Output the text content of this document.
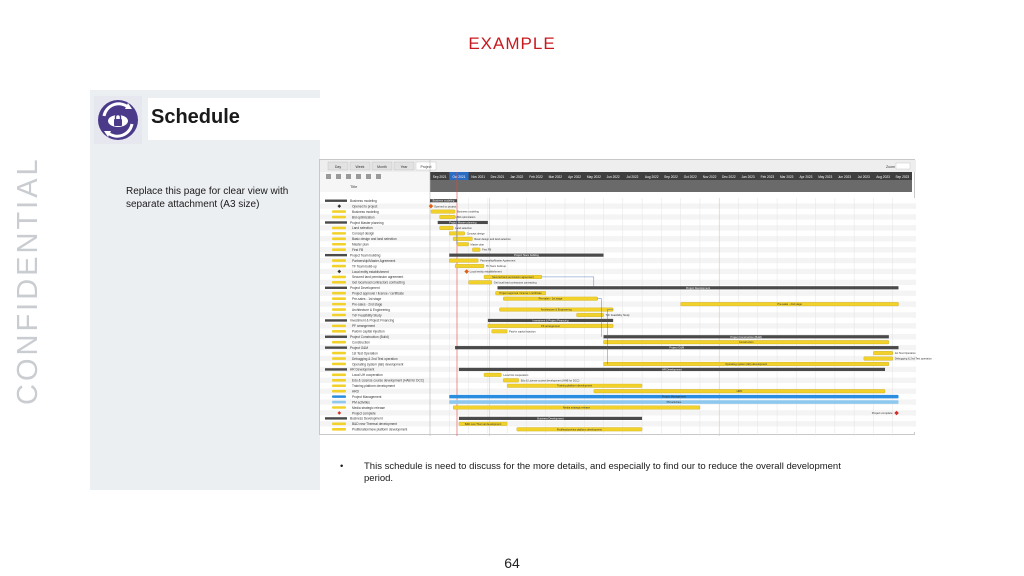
EXAMPLE
CONFIDENTIAL
Schedule
Replace this page for clear view with separate attachment (A3 size)
Day	Week	Month	Year	Project	Zoom
Title
Sep 2021 Oct 2021 Nov 2021 Dec 2021 Jan 2022 Feb 2022 Mar 2022 Apr 2022 May 2022 Jun 2022 Jul 2022 Aug 2022 Sep 2022 Oct 2022 Nov 2022 Dec 2022 Jan 2023 Feb 2023 Mar 2023 Apr 2023 May 2023 Jun 2023 Jul 2023 Aug 2023 Sep 2023
Business modeling	Business modeling
Opened to project	Opened to project
Business modeling	Business modeling
Bid optimization	Bid optimization
Project Master planning	Project Master planning
Land selection	Land selection
Concept design	Concept design
Basic design and land selection	Basic design and land selection
Master plan	Master plan
First FB	First FB
Project Team building	Project Team building
Partnership/Master Agreement	Partnership/Master Agreement
TF Team build-up	TF Team build-up
Local entity establishment	Local entity establishment
Secured land permission agreement	Secured land permission agreement
Get local lead contractors contracting	Get local lead contractors contracting
Project Development	Project Development
Project approval / license / certificate	Project approval / license / certificate
Pre-sales - 1st stage	Pre-sales - 1st stage
Pre-sales - 2nd stage	Pre-sales - 2nd stage
Architecture & Engineering	Architecture & Engineering
TxF Feasibility Study	TxF Feasibility Study
Investment & Project Financing	Investment & Project Financing
PF arrangement	PF arrangement
Paid-in capital injection	Paid-in capital injection
Project Construction (Build)	Project Construction (Build)
Construction	Construction
Project O&M	Project O&M
1st Test Operation	1st Test Operation
Debugging & 2nd Test operation	Debugging & 2nd Test operation
Operating system (lab) development	Operating system (lab) development
HR Development	HR Development
Local UH cooperation	Local UH cooperation
Edu & License course development (HAB for DCC)	Edu & License course development (HAB for DCC)
Training platform development	Training platform development
HRD	HRD
Project Management	Project Management
PM activities	PM activities
Media strategic release	Media strategic release
Project complete	Project complete
Business Development	Business Development
B&D new Thermal development	B&D new Thermal development
Proliferation/new platform development	Proliferation/new platform development
• This schedule is need to discuss for the more details, and especially to find our to reduce the overall development period.
64
